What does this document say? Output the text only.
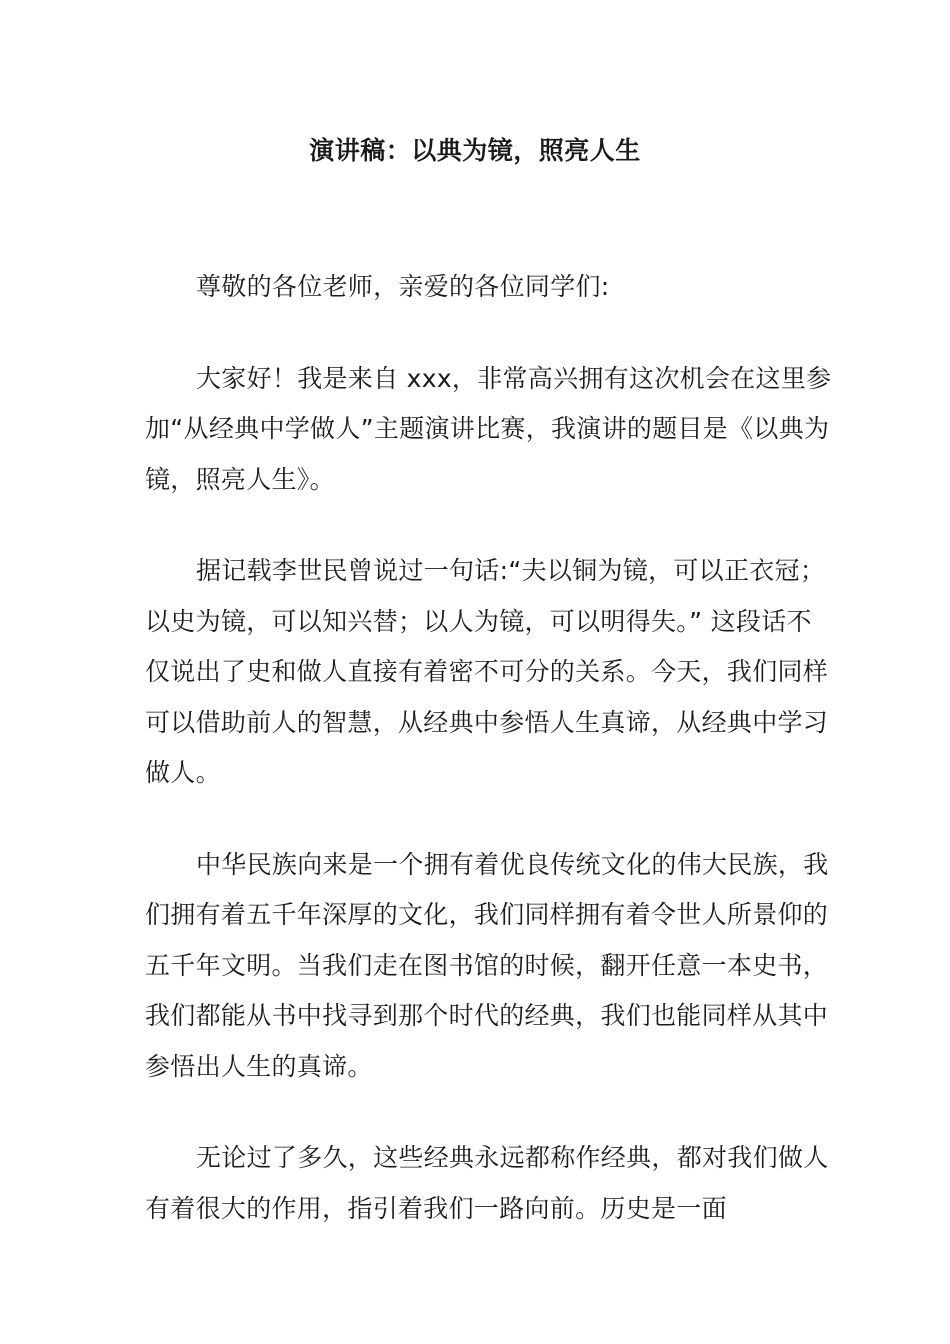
演讲稿：以典为镜，照亮人生

尊敬的各位老师，亲爱的各位同学们:

大家好！我是来自 xxx，非常高兴拥有这次机会在这里参加“从经典中学做人”主题演讲比赛，我演讲的题目是《以典为镜，照亮人生》。

据记载李世民曾说过一句话:“夫以铜为镜，可以正衣冠；以史为镜，可以知兴替；以人为镜，可以明得失。” 这段话不仅说出了史和做人直接有着密不可分的关系。今天，我们同样可以借助前人的智慧，从经典中参悟人生真谛，从经典中学习做人。

中华民族向来是一个拥有着优良传统文化的伟大民族，我们拥有着五千年深厚的文化，我们同样拥有着令世人所景仰的五千年文明。当我们走在图书馆的时候，翻开任意一本史书，我们都能从书中找寻到那个时代的经典，我们也能同样从其中参悟出人生的真谛。

无论过了多久，这些经典永远都称作经典，都对我们做人有着很大的作用，指引着我们一路向前。历史是一面
